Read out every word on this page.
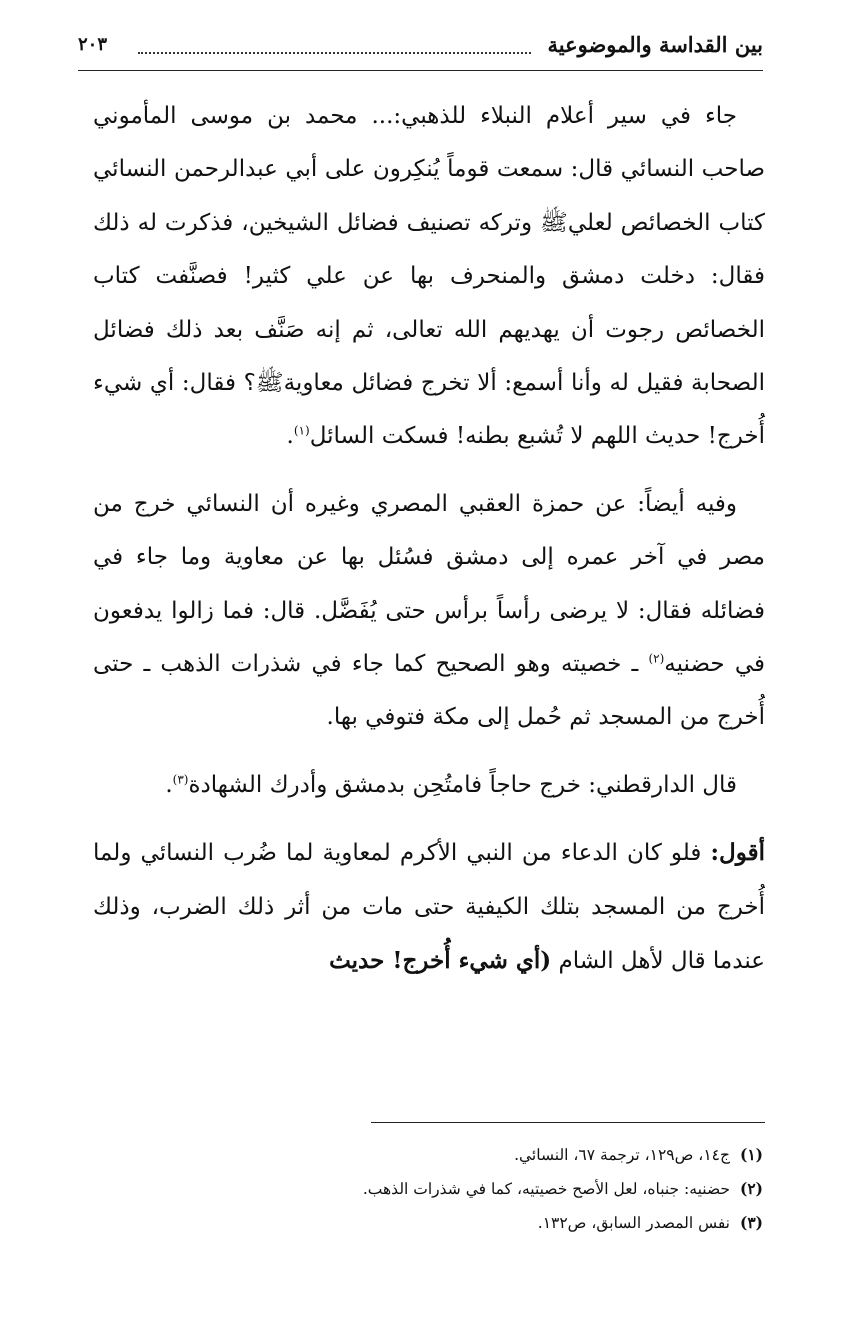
بين القداسة والموضوعية
٢٠٣

جاء في سير أعلام النبلاء للذهبي:... محمد بن موسى المأموني صاحب النسائي قال: سمعت قوماً يُنكِرون على أبي عبدالرحمن النسائي كتاب الخصائص لعليﷺ وتركه تصنيف فضائل الشيخين، فذكرت له ذلك فقال: دخلت دمشق والمنحرف بها عن علي كثير! فصنَّفت كتاب الخصائص رجوت أن يهديهم الله تعالى، ثم إنه صَنَّف بعد ذلك فضائل الصحابة فقيل له وأنا أسمع: ألا تخرج فضائل معاويةﷺ؟ فقال: أي شيء أُخرج! حديث اللهم لا تُشبع بطنه! فسكت السائل$^{(١)}$.

وفيه أيضاً: عن حمزة العقبي المصري وغيره أن النسائي خرج من مصر في آخر عمره إلى دمشق فسُئل بها عن معاوية وما جاء في فضائله فقال: لا يرضى رأساً برأس حتى يُفَضَّل. قال: فما زالوا يدفعون في حضنيه$^{(٢)}$ ـ خصيته وهو الصحيح كما جاء في شذرات الذهب ـ حتى أُخرج من المسجد ثم حُمل إلى مكة فتوفي بها.

قال الدارقطني: خرج حاجاً فامتُحِن بدمشق وأدرك الشهادة$^{(٣)}$.

أقول: فلو كان الدعاء من النبي الأكرم لمعاوية لما ضُرب النسائي ولما أُخرج من المسجد بتلك الكيفية حتى مات من أثر ذلك الضرب، وذلك عندما قال لأهل الشام (أي شيء أُخرج! حديث

(١)ج١٤، ص١٢٩، ترجمة ٦٧، النسائي.
(٢)حضنيه: جنباه، لعل الأصح خصيتيه، كما في شذرات الذهب.
(٣)نفس المصدر السابق، ص١٣٢.
